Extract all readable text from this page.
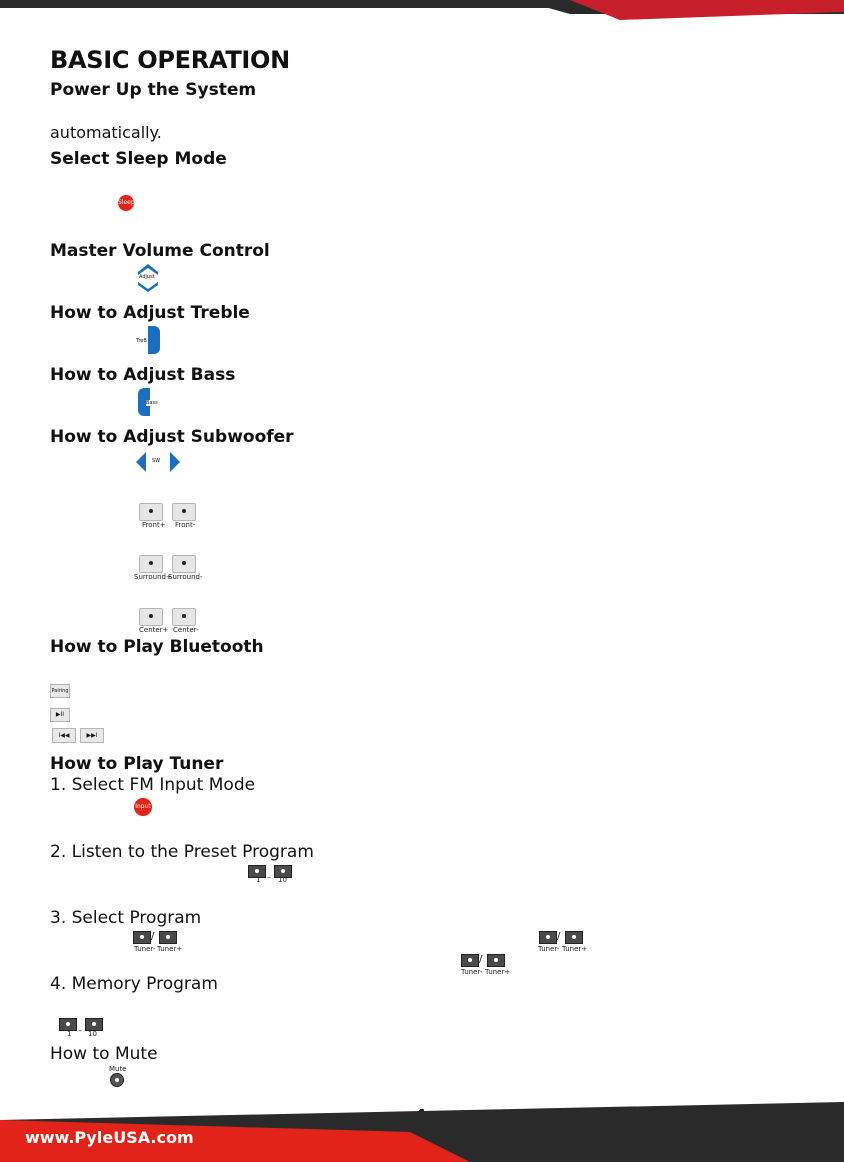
BASIC OPERATION
Power Up the System
automatically.
Select Sleep Mode
Sleep
Master Volume Control
Adjust
How to Adjust Treble
TreB
How to Adjust Bass
Bass
How to Adjust Subwoofer
SW
Front+ Front-
Surround+
Surround-
Center+ Center-
How to Play Bluetooth
Pairing
▶II
I◀◀	▶▶I
How to Play Tuner
1. Select FM Input Mode
Input
2. Listen to the Preset Program
1	10
–
3. Select Program
/
Tuner- Tuner+
/
Tuner- Tuner+
/
Tuner- Tuner+
4. Memory Program
1 10
–
How to Mute
Mute
www.PyleUSA.com
